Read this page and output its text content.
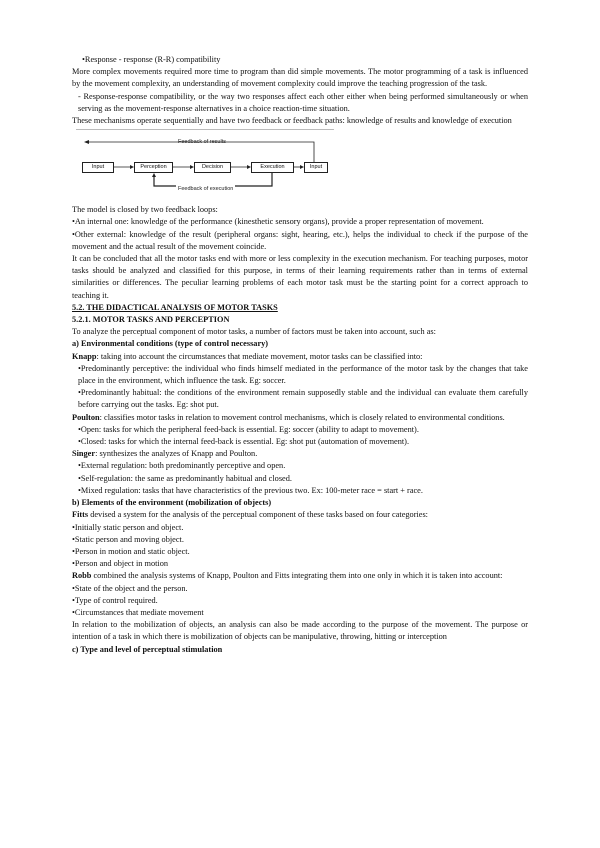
•Response - response (R-R) compatibility

More complex movements required more time to program than did simple movements. The motor programming of a task is influenced by the movement complexity, an understanding of movement complexity could improve the teaching progression of the task.

- Response-response compatibility, or the way two responses affect each other either when being performed simultaneously or when serving as the movement-response alternatives in a choice reaction-time situation.

These mechanisms operate sequentially and have two feedback or feedback paths: knowledge of results and knowledge of execution

Feedback of results
Feedback of execution
Input	Perception	Decision	Execution	Input

The model is closed by two feedback loops:

•An internal one: knowledge of the performance (kinesthetic sensory organs), provide a proper representation of movement.

•Other external: knowledge of the result (peripheral organs: sight, hearing, etc.), helps the individual to check if the purpose of the movement and the actual result of the movement coincide.

It can be concluded that all the motor tasks end with more or less complexity in the execution mechanism. For teaching purposes, motor tasks should be analyzed and classified for this purpose, in terms of their learning requirements rather than in terms of external similarities or differences. The peculiar learning problems of each motor task must be the starting point for a correct approach to teaching it.

5.2. THE DIDACTICAL ANALYSIS OF MOTOR TASKS

5.2.1. MOTOR TASKS AND PERCEPTION

To analyze the perceptual component of motor tasks, a number of factors must be taken into account, such as:

a) Environmental conditions (type of control necessary)

Knapp: taking into account the circumstances that mediate movement, motor tasks can be classified into:

•Predominantly perceptive: the individual who finds himself mediated in the performance of the motor task by the changes that take place in the environment, which influence the task. Eg: soccer.

•Predominantly habitual: the conditions of the environment remain supposedly stable and the individual can evaluate them carefully before carrying out the tasks. Eg: shot put.

Poulton: classifies motor tasks in relation to movement control mechanisms, which is closely related to environmental conditions.

•Open: tasks for which the peripheral feed-back is essential. Eg: soccer (ability to adapt to movement).

•Closed: tasks for which the internal feed-back is essential. Eg: shot put (automation of movement).

Singer: synthesizes the analyzes of Knapp and Poulton.

•External regulation: both predominantly perceptive and open.

•Self-regulation: the same as predominantly habitual and closed.

•Mixed regulation: tasks that have characteristics of the previous two. Ex: 100-meter race = start + race.

b) Elements of the environment (mobilization of objects)

Fitts devised a system for the analysis of the perceptual component of these tasks based on four categories:

•Initially static person and object.

•Static person and moving object.

•Person in motion and static object.

•Person and object in motion

Robb combined the analysis systems of Knapp, Poulton and Fitts integrating them into one only in which it is taken into account:

•State of the object and the person.

•Type of control required.

•Circumstances that mediate movement

In relation to the mobilization of objects, an analysis can also be made according to the purpose of the movement. The purpose or intention of a task in which there is mobilization of objects can be manipulative, throwing, hitting or interception

c) Type and level of perceptual stimulation
